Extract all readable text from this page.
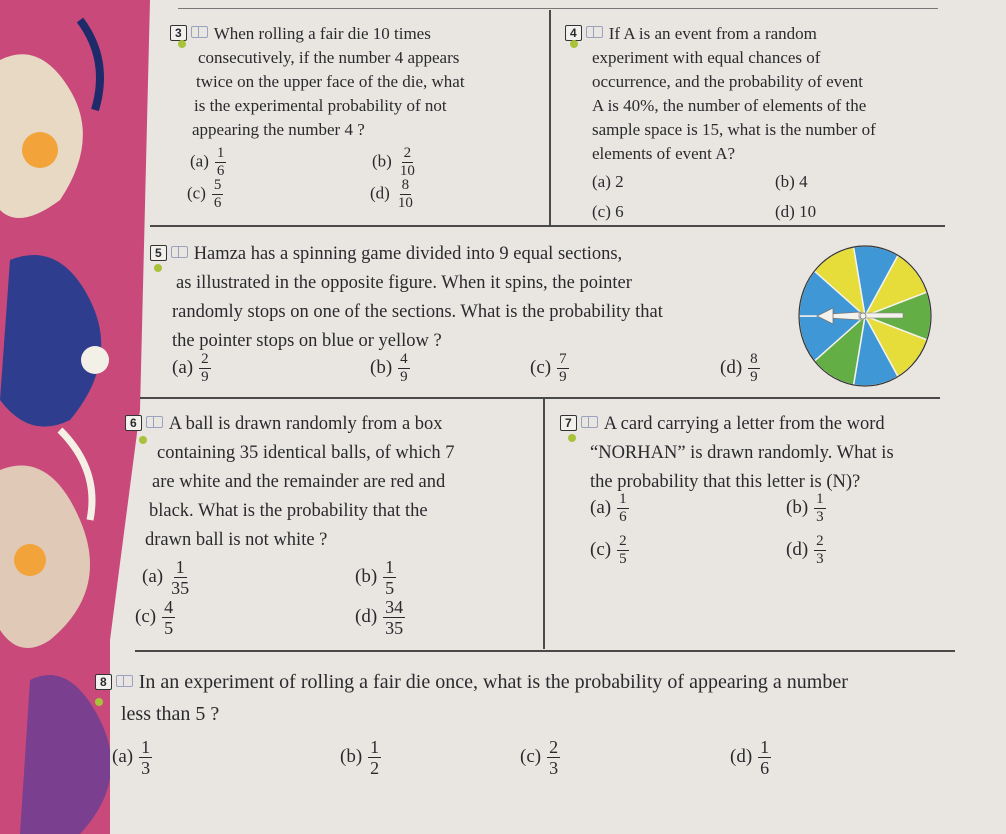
3 When rolling a fair die 10 times
consecutively, if the number 4 appears
twice on the upper face of the die, what
is the experimental probability of not
appearing the number 4 ?
$(a) \frac{1}{6}$	$(b) \frac{2}{10}$
$(c) \frac{5}{6}$	$(d) \frac{8}{10}$
4 If A is an event from a random
experiment with equal chances of
occurrence, and the probability of event
A is 40%, the number of elements of the
sample space is 15, what is the number of
elements of event A?
(a) 2	(b) 4
(c) 6	(d) 10
5 Hamza has a spinning game divided into 9 equal sections,
as illustrated in the opposite figure. When it spins, the pointer
randomly stops on one of the sections. What is the probability that
the pointer stops on blue or yellow ?
$(a) \frac{2}{9}$	$(b) \frac{4}{9}$	$(c) \frac{7}{9}$	$(d) \frac{8}{9}$
6 A ball is drawn randomly from a box
containing 35 identical balls, of which 7
are white and the remainder are red and
black. What is the probability that the
drawn ball is not white ?
$(a) \frac{1}{35}$	$(b) \frac{1}{5}$
$(c) \frac{4}{5}$	$(d) \frac{34}{35}$
7 A card carrying a letter from the word
“NORHAN” is drawn randomly. What is
the probability that this letter is (N)?
$(a) \frac{1}{6}$	$(b) \frac{1}{3}$
$(c) \frac{2}{5}$	$(d) \frac{2}{3}$
8 In an experiment of rolling a fair die once, what is the probability of appearing a number
less than 5 ?
$(a) \frac{1}{3}$	$(b) \frac{1}{2}$	$(c) \frac{2}{3}$	$(d) \frac{1}{6}$
